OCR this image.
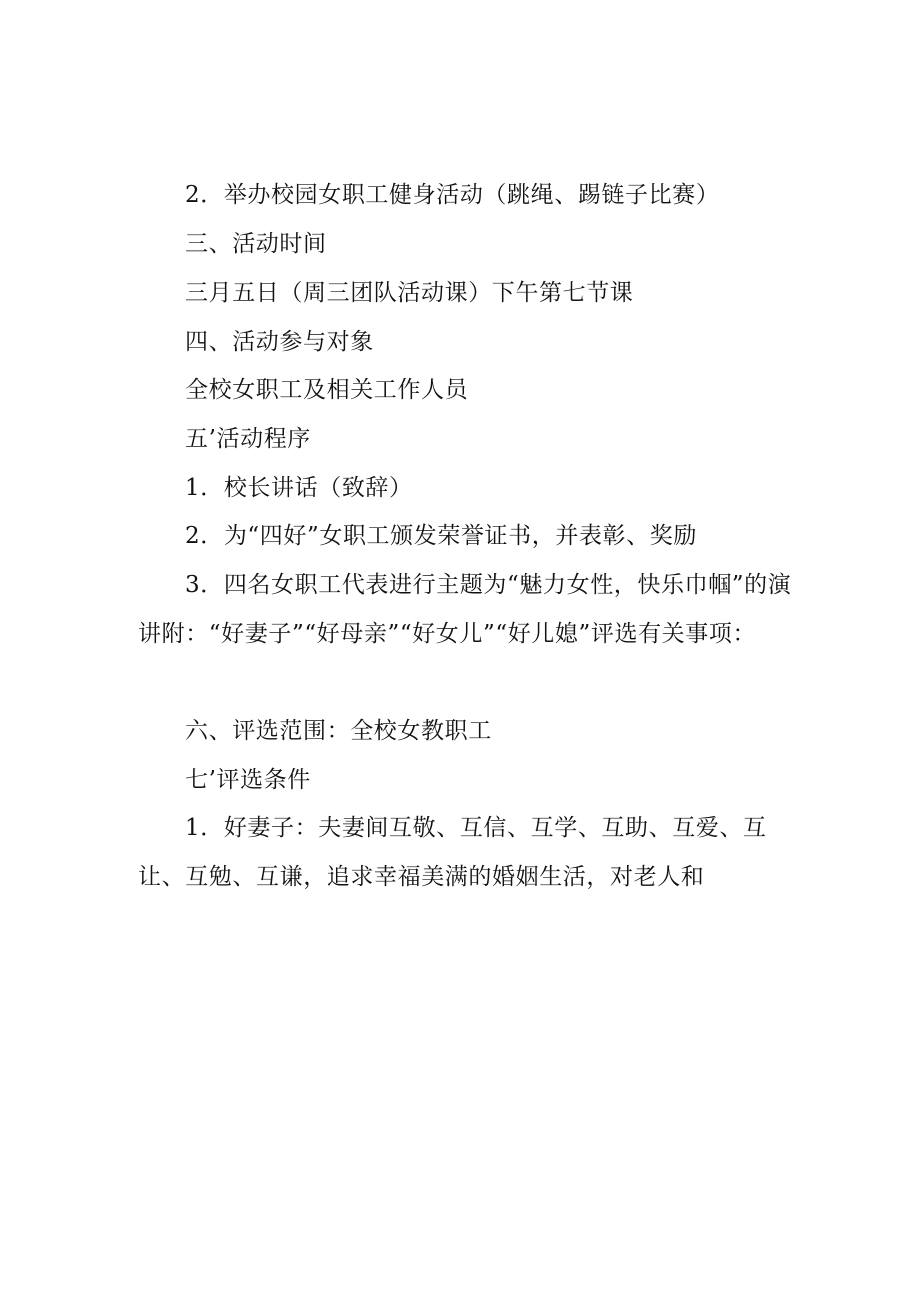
2．举办校园女职工健身活动（跳绳、踢链子比赛）

三、活动时间

三月五日（周三团队活动课）下午第七节课

四、活动参与对象

全校女职工及相关工作人员

五’活动程序

1．校长讲话（致辞）

2．为“四好”女职工颁发荣誉证书，并表彰、奖励

3．四名女职工代表进行主题为“魅力女性，快乐巾帼”的演讲附：“好妻子”“好母亲”“好女儿”“好儿媳”评选有关事项：

六、评选范围：全校女教职工

七’评选条件

1．好妻子：夫妻间互敬、互信、互学、互助、互爱、互让、互勉、互谦，追求幸福美满的婚姻生活，对老人和
